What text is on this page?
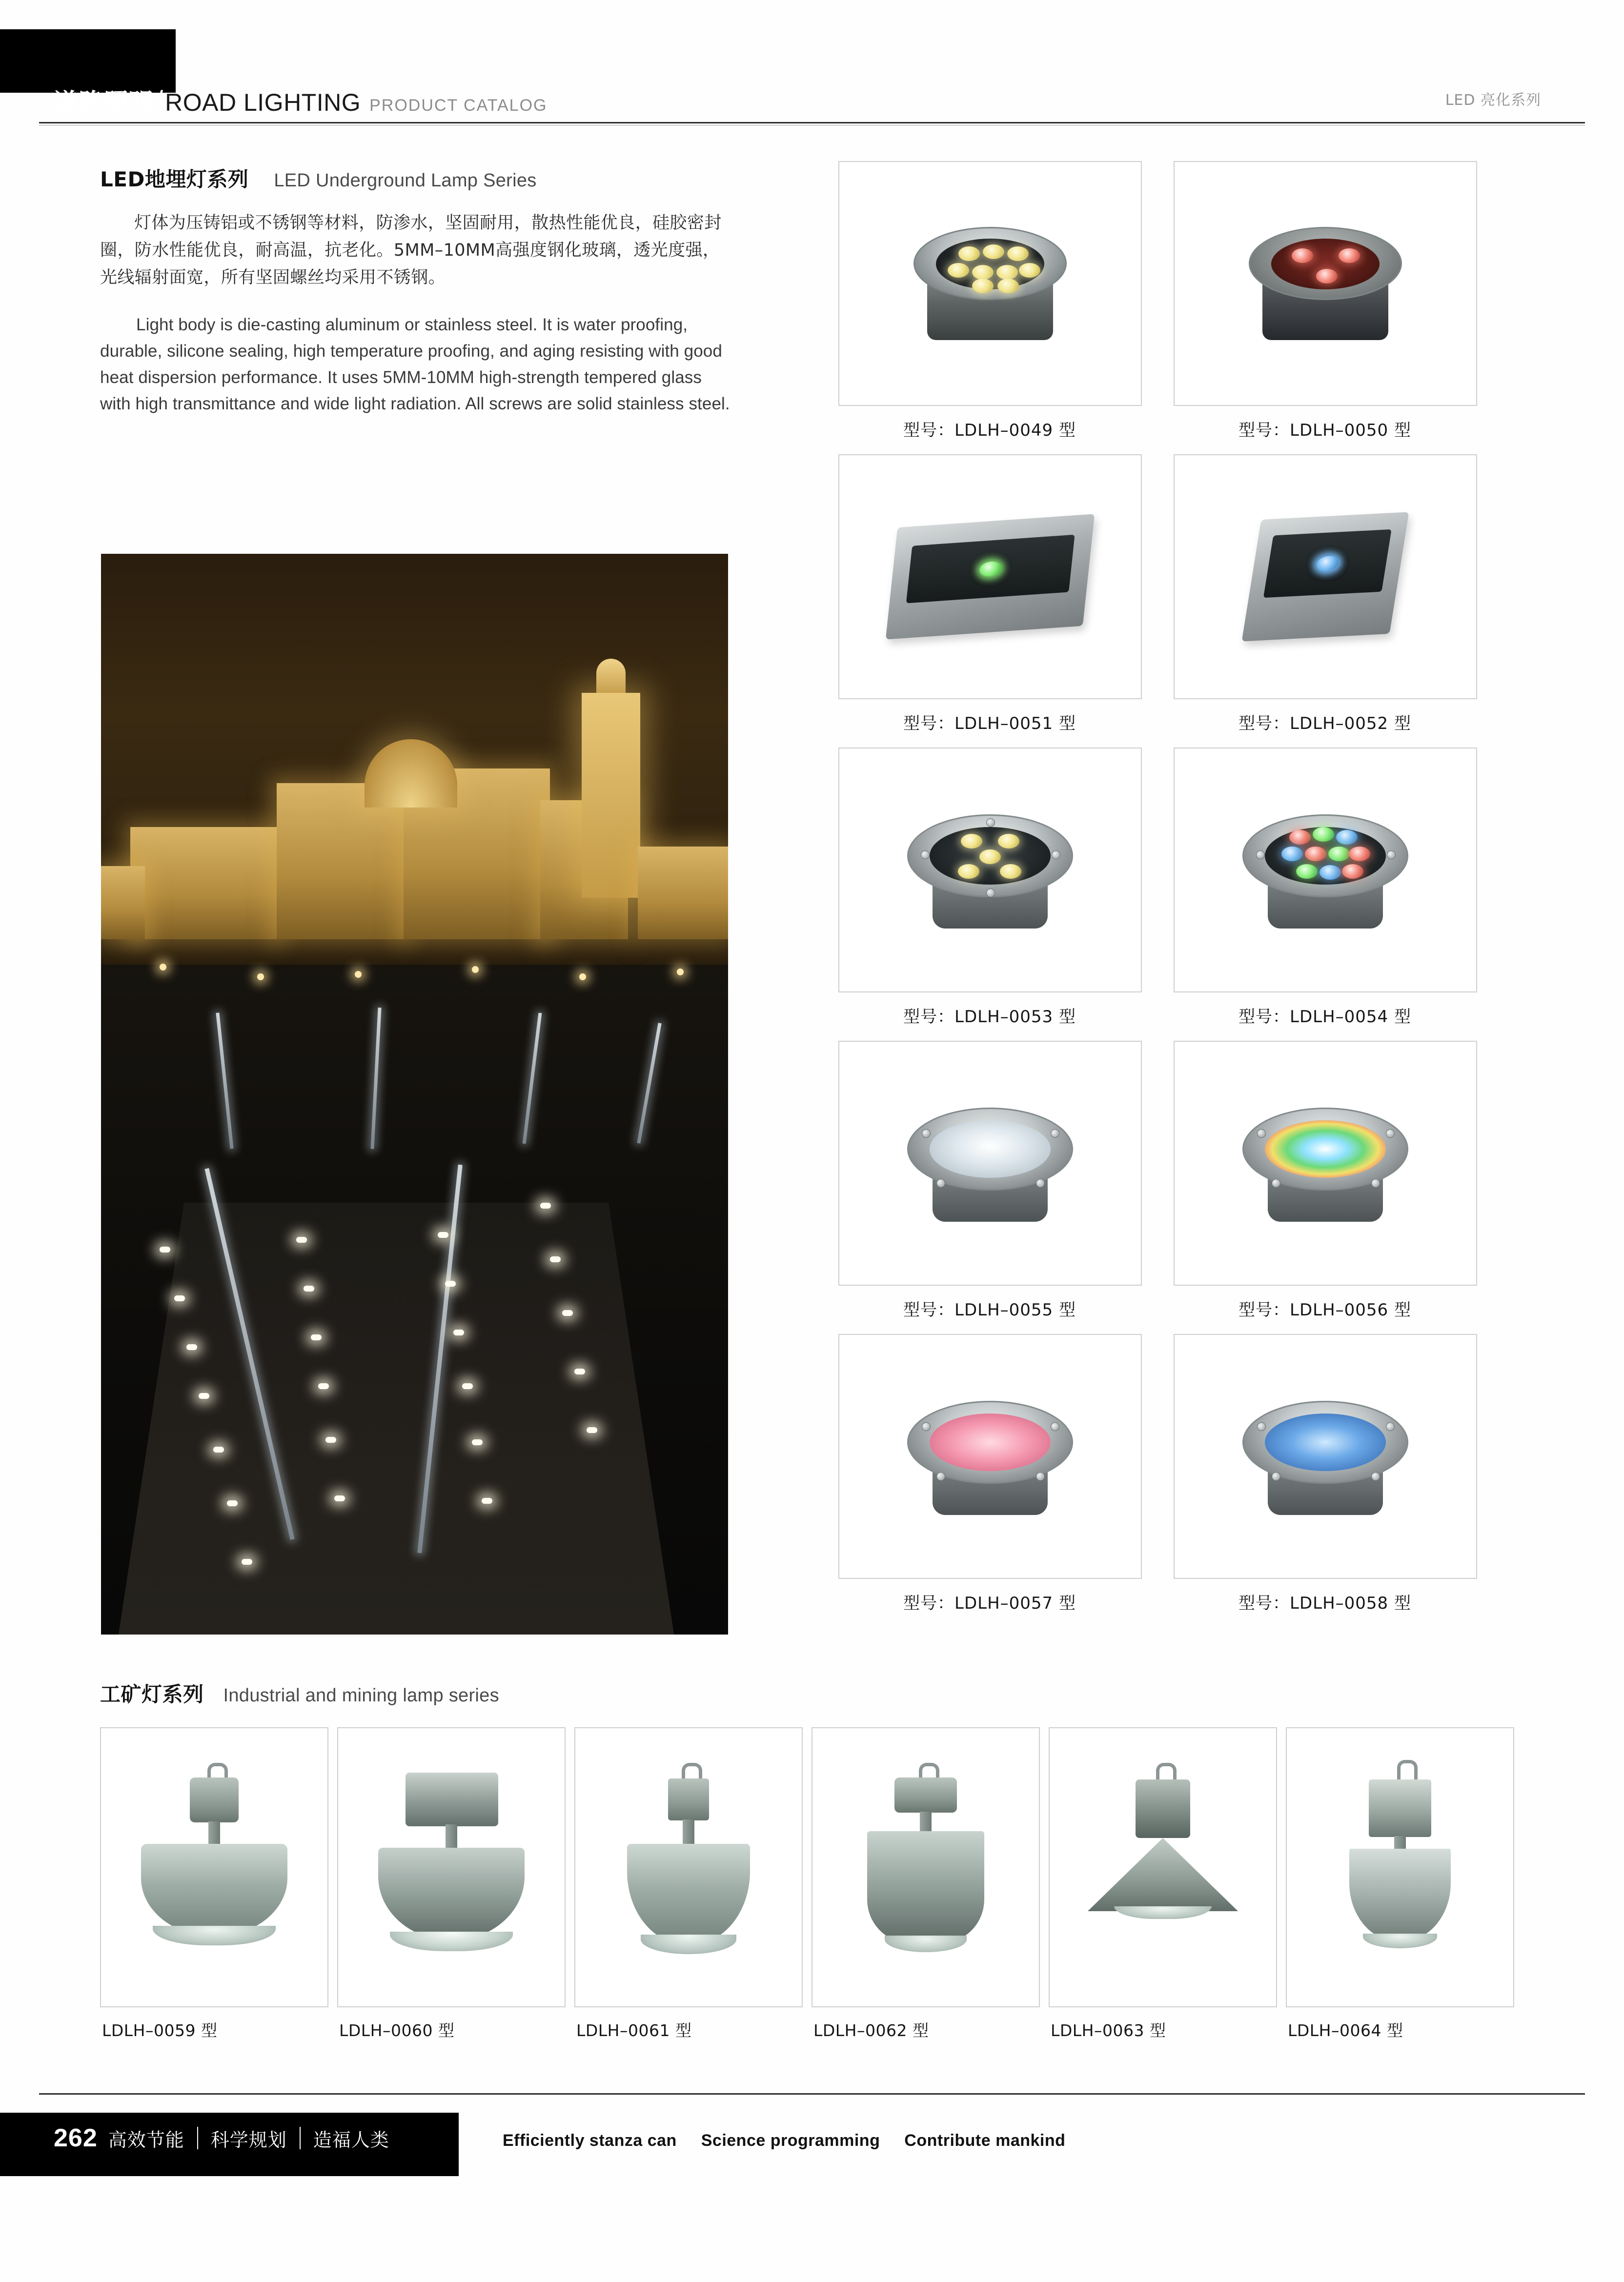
道路照明 / ROAD LIGHTING PRODUCT CATALOG	LED 亮化系列
LED地埋灯系列 LED Underground Lamp Series

灯体为压铸铝或不锈钢等材料，防渗水，坚固耐用，散热性能优良，硅胶密封圈，防水性能优良，耐高温，抗老化。5MM–10MM高强度钢化玻璃，透光度强，光线辐射面宽，所有坚固螺丝均采用不锈钢。

Light body is die-casting aluminum or stainless steel. It is water proofing, durable, silicone sealing, high temperature proofing, and aging resisting with good heat dispersion performance. It uses 5MM-10MM high-strength tempered glass with high transmittance and wide light radiation. All screws are solid stainless steel.

型号：LDLH–0049 型	型号：LDLH–0050 型
型号：LDLH–0051 型	型号：LDLH–0052 型
型号：LDLH–0053 型	型号：LDLH–0054 型
型号：LDLH–0055 型	型号：LDLH–0056 型
型号：LDLH–0057 型	型号：LDLH–0058 型
工矿灯系列 Industrial and mining lamp series
LDLH–0059 型	LDLH–0060 型	LDLH–0061 型	LDLH–0062 型	LDLH–0063 型	LDLH–0064 型
262 高效节能 科学规划 造福人类	Efficiently stanza can Science programming Contribute mankind
